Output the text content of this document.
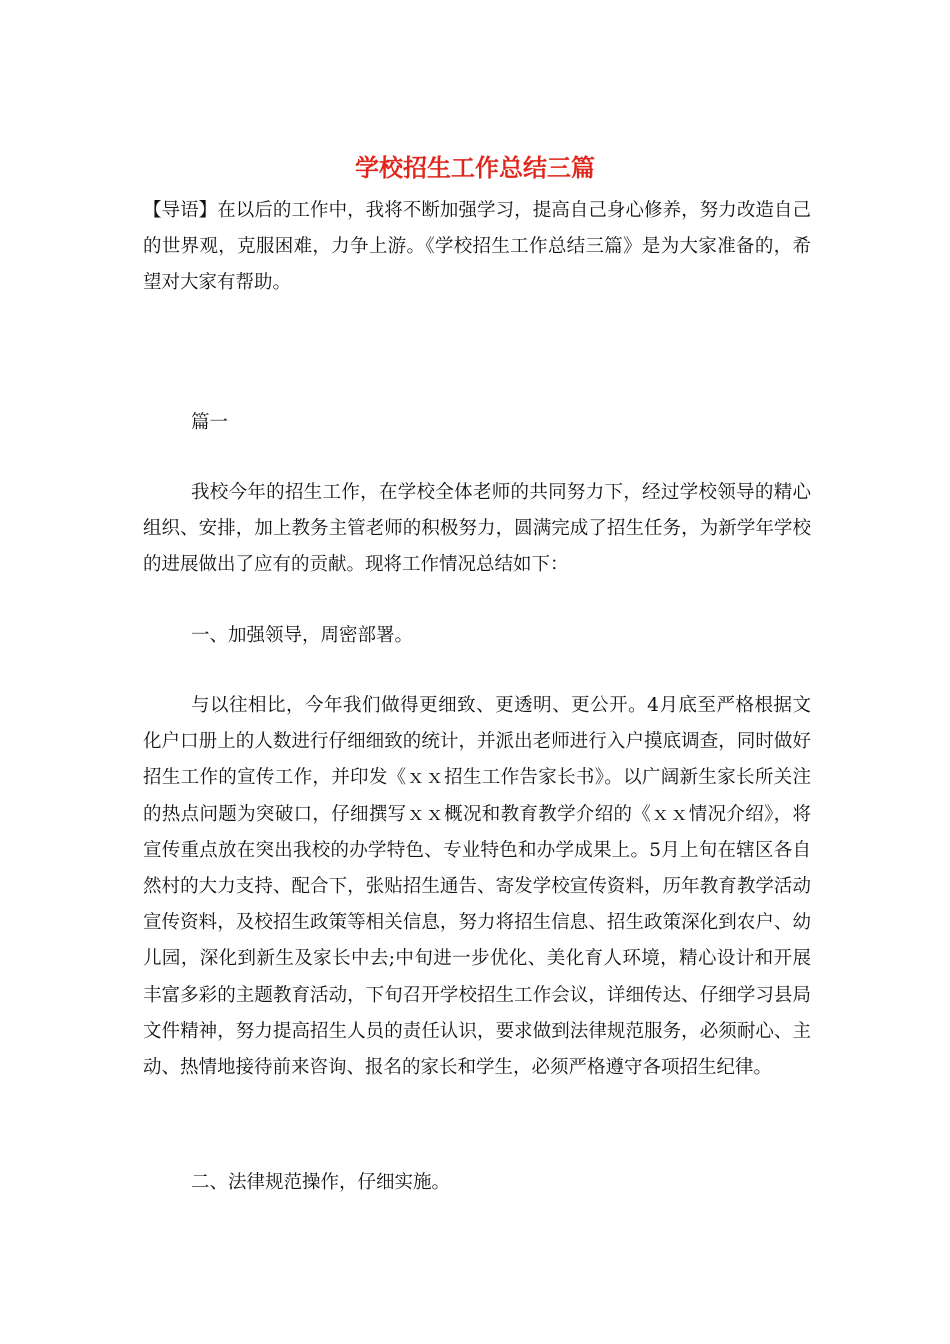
学校招生工作总结三篇

【导语】在以后的工作中，我将不断加强学习，提高自己身心修养，努力改造自己的世界观，克服困难，力争上游。《学校招生工作总结三篇》是为大家准备的，希望对大家有帮助。

篇一

我校今年的招生工作，在学校全体老师的共同努力下，经过学校领导的精心组织、安排，加上教务主管老师的积极努力，圆满完成了招生任务，为新学年学校的进展做出了应有的贡献。现将工作情况总结如下：

一、加强领导，周密部署。

与以往相比，今年我们做得更细致、更透明、更公开。4月底至严格根据文化户口册上的人数进行仔细细致的统计，并派出老师进行入户摸底调查，同时做好招生工作的宣传工作，并印发《ｘｘ招生工作告家长书》。以广阔新生家长所关注的热点问题为突破口，仔细撰写ｘｘ概况和教育教学介绍的《ｘｘ情况介绍》，将宣传重点放在突出我校的办学特色、专业特色和办学成果上。5月上旬在辖区各自然村的大力支持、配合下，张贴招生通告、寄发学校宣传资料，历年教育教学活动宣传资料，及校招生政策等相关信息，努力将招生信息、招生政策深化到农户、幼儿园，深化到新生及家长中去;中旬进一步优化、美化育人环境，精心设计和开展丰富多彩的主题教育活动，下旬召开学校招生工作会议，详细传达、仔细学习县局文件精神，努力提高招生人员的责任认识，要求做到法律规范服务，必须耐心、主动、热情地接待前来咨询、报名的家长和学生，必须严格遵守各项招生纪律。

二、法律规范操作，仔细实施。
